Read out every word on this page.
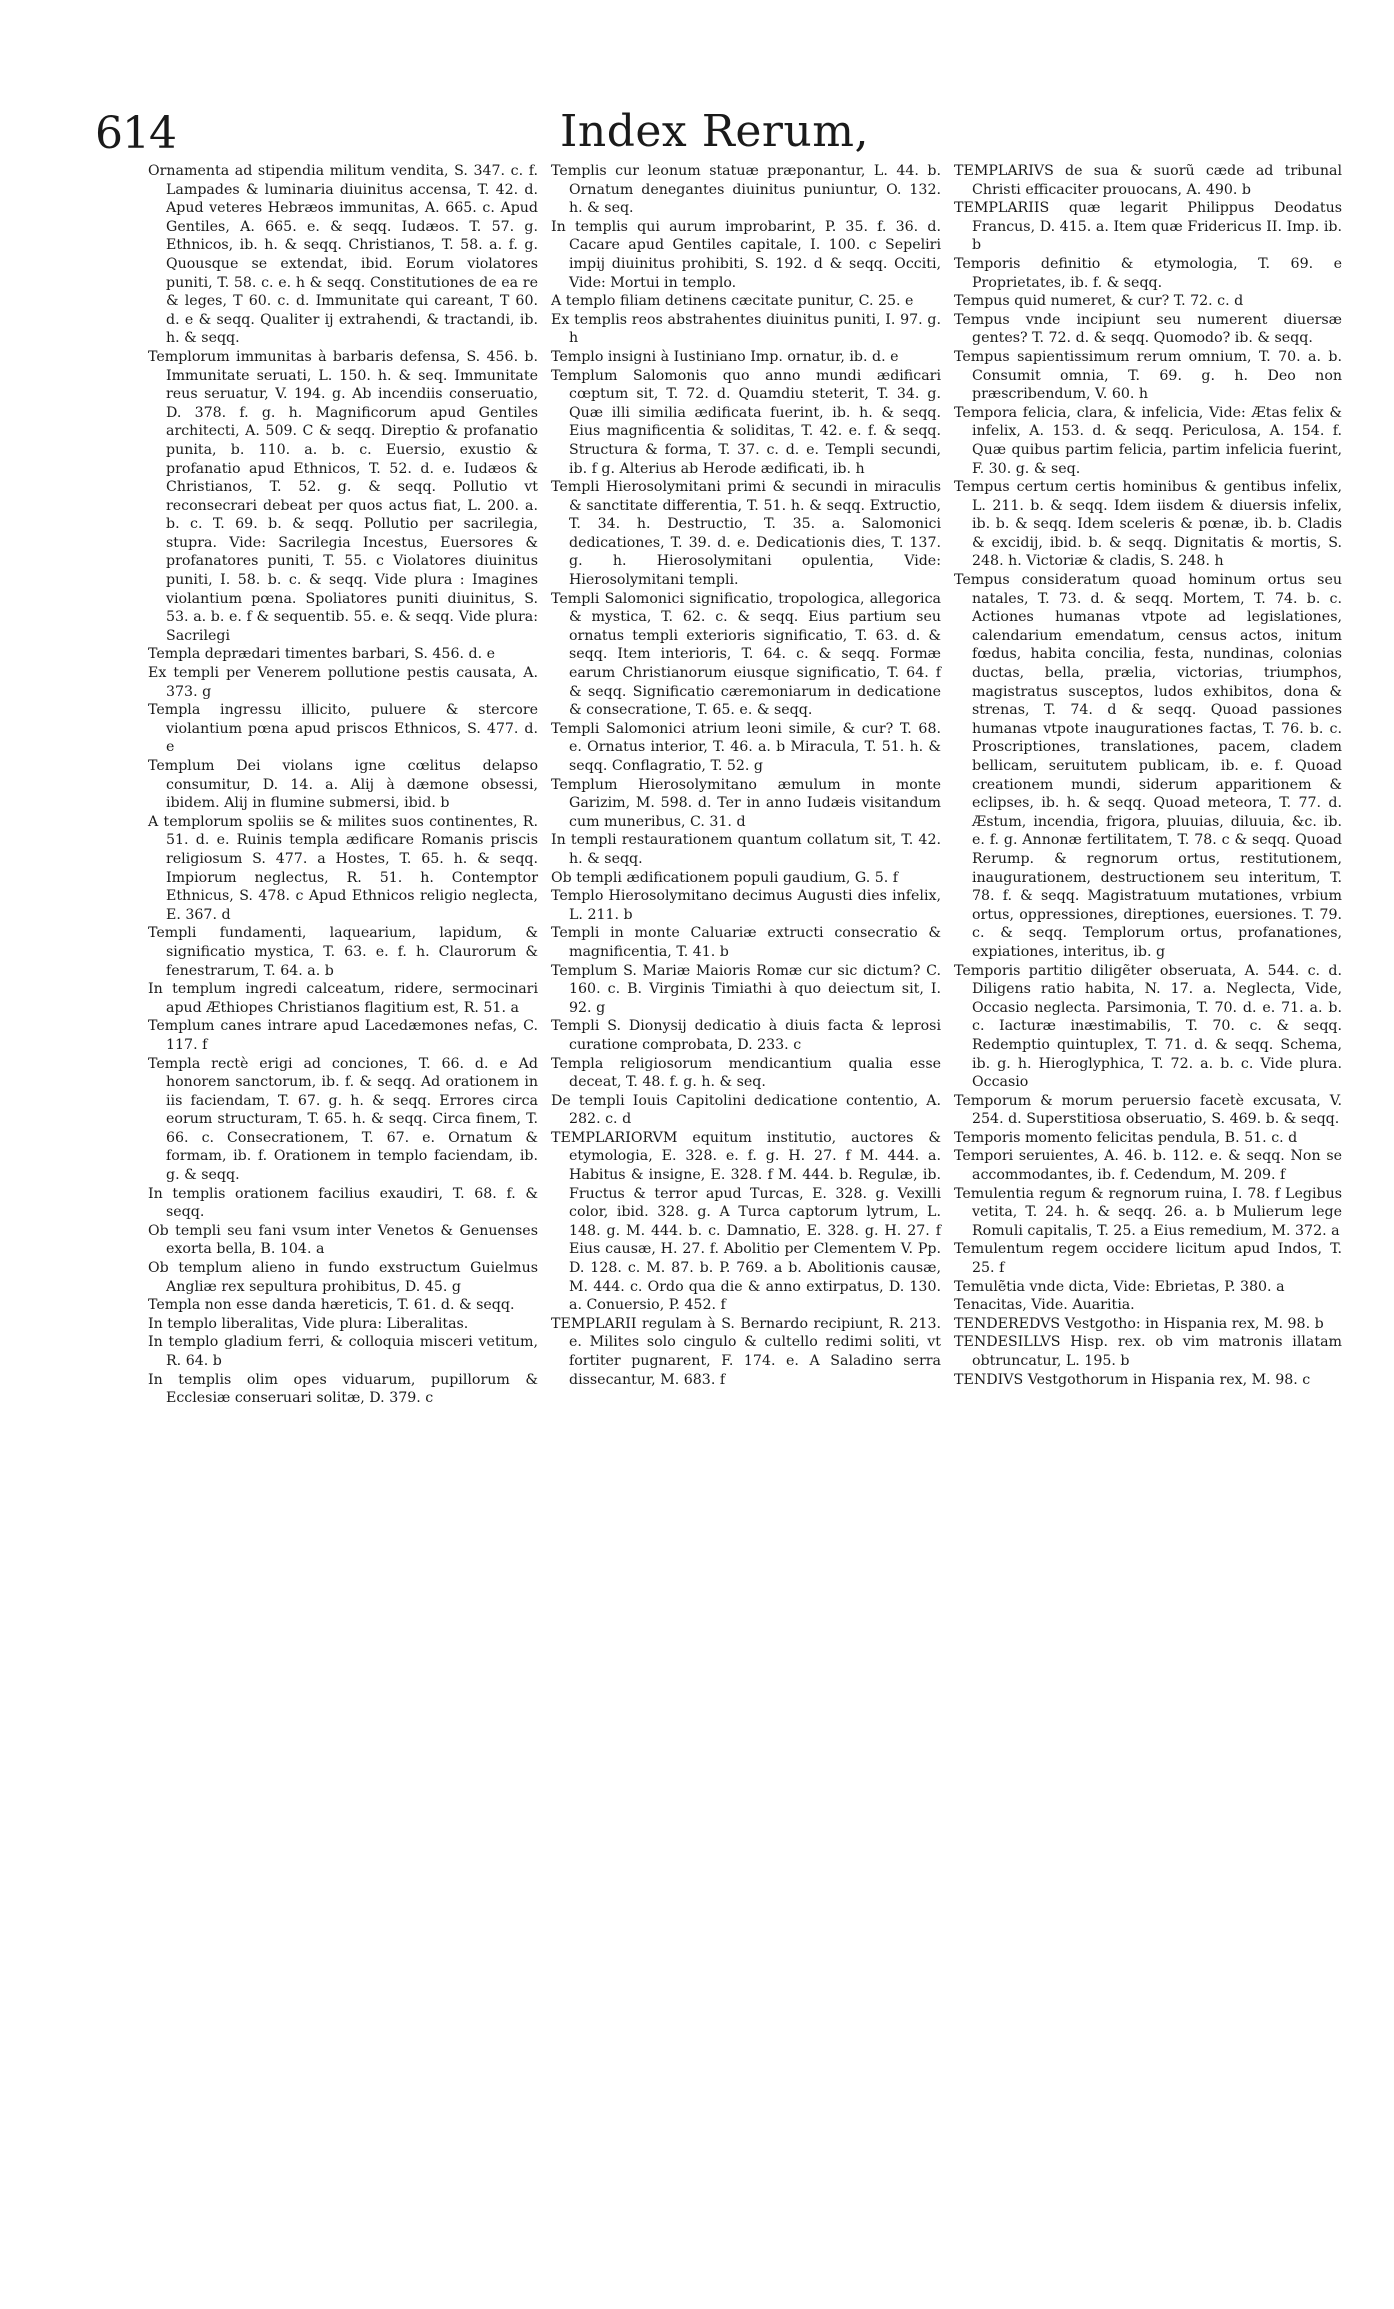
614	Index Rerum,

Ornamenta ad stipendia militum vendita, S. 347. c. f. Lampades & luminaria diuinitus accensa, T. 42. d. Apud veteres Hebræos immunitas, A. 665. c. Apud Gentiles, A. 665. e. & seqq. Iudæos. T. 57. g. Ethnicos, ib. h. & seqq. Christianos, T. 58. a. f. g. Quousque se extendat, ibid. Eorum violatores puniti, T. 58. c. e. h & seqq. Constitutiones de ea re & leges, T 60. c. d. Immunitate qui careant, T 60. d. e & seqq. Qualiter ij extrahendi, & tractandi, ib. h. & seqq.

Templorum immunitas à barbaris defensa, S. 456. b. Immunitate seruati, L. 150. h. & seq. Immunitate reus seruatur, V. 194. g. Ab incendiis conseruatio, D. 378. f. g. h. Magnificorum apud Gentiles architecti, A. 509. C & seqq. Direptio & profanatio punita, b. 110. a. b. c. Euersio, exustio & profanatio apud Ethnicos, T. 52. d. e. Iudæos & Christianos, T. 52. g. & seqq. Pollutio vt reconsecrari debeat per quos actus fiat, L. 200. a. b. c. T. 69. b. & seqq. Pollutio per sacrilegia, stupra. Vide: Sacrilegia Incestus, Euersores & profanatores puniti, T. 55. c Violatores diuinitus puniti, I. 58. b. c. & seqq. Vide plura : Imagines violantium pœna. Spoliatores puniti diuinitus, S. 53. a. b. e. f & sequentib. 55. e. & seqq. Vide plura: Sacrilegi

Templa deprædari timentes barbari, S. 456. d. e

Ex templi per Venerem pollutione pestis causata, A. 373. g

Templa ingressu illicito, puluere & stercore violantium pœna apud priscos Ethnicos, S. 477. d. e

Templum Dei violans igne cœlitus delapso consumitur, D. 14. a. Alij à dæmone obsessi, ibidem. Alij in flumine submersi, ibid. b

A templorum spoliis se & milites suos continentes, R. 51. d. e. Ruinis templa ædificare Romanis priscis religiosum S. 477. a Hostes, T. 65. h. & seqq. Impiorum neglectus, R. 51. h. Contemptor Ethnicus, S. 478. c Apud Ethnicos religio neglecta, E. 367. d

Templi fundamenti, laquearium, lapidum, & significatio mystica, T. 63. e. f. h. Claurorum & fenestrarum, T. 64. a. b

In templum ingredi calceatum, ridere, sermocinari apud Æthiopes Christianos flagitium est, R. 51. a

Templum canes intrare apud Lacedæmones nefas, C. 117. f

Templa rectè erigi ad conciones, T. 66. d. e Ad honorem sanctorum, ib. f. & seqq. Ad orationem in iis faciendam, T. 67. g. h. & seqq. Errores circa eorum structuram, T. 65. h. & seqq. Circa finem, T. 66. c. Consecrationem, T. 67. e. Ornatum & formam, ib. f. Orationem in templo faciendam, ib. g. & seqq.

In templis orationem facilius exaudiri, T. 68. f. & seqq.

Ob templi seu fani vsum inter Venetos & Genuenses exorta bella, B. 104. a

Ob templum alieno in fundo exstructum Guielmus Angliæ rex sepultura prohibitus, D. 45. g

Templa non esse danda hæreticis, T. 61. d. & seqq.

In templo liberalitas, Vide plura: Liberalitas.

In templo gladium ferri, & colloquia misceri vetitum, R. 64. b

In templis olim opes viduarum, pupillorum & Ecclesiæ conseruari solitæ, D. 379. c

Templis cur leonum statuæ præponantur, L. 44. b. Ornatum denegantes diuinitus puniuntur, O. 132. h. & seq.

In templis qui aurum improbarint, P. 35. f. 36. d. Cacare apud Gentiles capitale, I. 100. c Sepeliri impij diuinitus prohibiti, S. 192. d & seqq. Occiti, Vide: Mortui in templo.

A templo filiam detinens cæcitate punitur, C. 25. e

Ex templis reos abstrahentes diuinitus puniti, I. 97. g. h

Templo insigni à Iustiniano Imp. ornatur, ib. d. e

Templum Salomonis quo anno mundi ædificari cœptum sit, T. 72. d. Quamdiu steterit, T. 34. g. Quæ illi similia ædificata fuerint, ib. h. & seqq. Eius magnificentia & soliditas, T. 42. e. f. & seqq. Structura & forma, T. 37. c. d. e. Templi secundi, ib. f g. Alterius ab Herode ædificati, ib. h

Templi Hierosolymitani primi & secundi in miraculis & sanctitate differentia, T. 51. h. & seqq. Extructio, T. 34. h. Destructio, T. 35. a. Salomonici dedicationes, T. 39. d. e. Dedicationis dies, T. 137. g. h. Hierosolymitani opulentia, Vide: Hierosolymitani templi.

Templi Salomonici significatio, tropologica, allegorica & mystica, T. 62. c. & seqq. Eius partium seu ornatus templi exterioris significatio, T. 63. d. & seqq. Item interioris, T. 64. c. & seqq. Formæ earum Christianorum eiusque significatio, T. 64. f & seqq. Significatio cæremoniarum in dedicatione & consecratione, T. 65. e. & seqq.

Templi Salomonici atrium leoni simile, & cur? T. 68. e. Ornatus interior, T. 46. a. b Miracula, T. 51. h. & seqq. Conflagratio, T. 52. g

Templum Hierosolymitano æmulum in monte Garizim, M. 598. d. Ter in anno Iudæis visitandum cum muneribus, C. 31. d

In templi restaurationem quantum collatum sit, T. 42. h. & seqq.

Ob templi ædificationem populi gaudium, G. 5. f

Templo Hierosolymitano decimus Augusti dies infelix, L. 211. b

Templi in monte Caluariæ extructi consecratio & magnificentia, T. 41. b

Templum S. Mariæ Maioris Romæ cur sic dictum? C. 160. c. B. Virginis Timiathi à quo deiectum sit, I. 92. g

Templi S. Dionysij dedicatio à diuis facta & leprosi curatione comprobata, D. 233. c

Templa religiosorum mendicantium qualia esse deceat, T. 48. f. g. h. & seq.

De templi Iouis Capitolini dedicatione contentio, A. 282. c. d

TEMPLARIORVM equitum institutio, auctores & etymologia, E. 328. e. f. g. H. 27. f M. 444. a. Habitus & insigne, E. 328. f M. 444. b. Regulæ, ib. Fructus & terror apud Turcas, E. 328. g. Vexilli color, ibid. 328. g. A Turca captorum lytrum, L. 148. g. M. 444. b. c. Damnatio, E. 328. g. H. 27. f Eius causæ, H. 27. f. Abolitio per Clementem V. Pp. D. 128. c. M. 87. b. P. 769. a b. Abolitionis causæ, M. 444. c. Ordo qua die & anno extirpatus, D. 130. a. Conuersio, P. 452. f

TEMPLARII regulam à S. Bernardo recipiunt, R. 213. e. Milites solo cingulo & cultello redimi soliti, vt fortiter pugnarent, F. 174. e. A Saladino serra dissecantur, M. 683. f

TEMPLARIVS de sua & suorũ cæde ad tribunal Christi efficaciter prouocans, A. 490. b

TEMPLARIIS quæ legarit Philippus Deodatus Francus, D. 415. a. Item quæ Fridericus II. Imp. ib. b

Temporis definitio & etymologia, T. 69. e Proprietates, ib. f. & seqq.

Tempus quid numeret, & cur? T. 72. c. d

Tempus vnde incipiunt seu numerent diuersæ gentes? T. 72. d. & seqq. Quomodo? ib. & seqq.

Tempus sapientissimum rerum omnium, T. 70. a. b. Consumit omnia, T. 69. g. h. Deo non præscribendum, V. 60. h

Tempora felicia, clara, & infelicia, Vide: Ætas felix & infelix, A. 153. d. & seqq. Periculosa, A. 154. f. Quæ quibus partim felicia, partim infelicia fuerint, F. 30. g. & seq.

Tempus certum certis hominibus & gentibus infelix, L. 211. b. & seqq. Idem iisdem & diuersis infelix, ib. b. & seqq. Idem sceleris & pœnæ, ib. b. Cladis & excidij, ibid. b. & seqq. Dignitatis & mortis, S. 248. h. Victoriæ & cladis, S. 248. h

Tempus consideratum quoad hominum ortus seu natales, T. 73. d. & seqq. Mortem, T. 74. b. c. Actiones humanas vtpote ad legislationes, calendarium emendatum, census actos, initum fœdus, habita concilia, festa, nundinas, colonias ductas, bella, prælia, victorias, triumphos, magistratus susceptos, ludos exhibitos, dona & strenas, T. 74. d & seqq. Quoad passiones humanas vtpote inaugurationes factas, T. 76. b. c. Proscriptiones, translationes, pacem, cladem bellicam, seruitutem publicam, ib. e. f. Quoad creationem mundi, siderum apparitionem & eclipses, ib. h. & seqq. Quoad meteora, T. 77. d. Æstum, incendia, frigora, pluuias, diluuia, &c. ib. e. f. g. Annonæ fertilitatem, T. 78. c & seqq. Quoad Rerump. & regnorum ortus, restitutionem, inaugurationem, destructionem seu interitum, T. 78. f. & seqq. Magistratuum mutationes, vrbium ortus, oppressiones, direptiones, euersiones. T. 79. c. & seqq. Templorum ortus, profanationes, expiationes, interitus, ib. g

Temporis partitio diligẽter obseruata, A. 544. c. d. Diligens ratio habita, N. 17. a. Neglecta, Vide, Occasio neglecta. Parsimonia, T. 70. d. e. 71. a. b. c. Iacturæ inæstimabilis, T. 70. c. & seqq. Redemptio quintuplex, T. 71. d. & seqq. Schema, ib. g. h. Hieroglyphica, T. 72. a. b. c. Vide plura. Occasio

Temporum & morum peruersio facetè excusata, V. 254. d. Superstitiosa obseruatio, S. 469. b. & seqq.

Temporis momento felicitas pendula, B. 51. c. d

Tempori seruientes, A. 46. b. 112. e. & seqq. Non se accommodantes, ib. f. Cedendum, M. 209. f

Temulentia regum & regnorum ruina, I. 78. f Legibus vetita, T. 24. h. & seqq. 26. a. b Mulierum lege Romuli capitalis, T. 25. a Eius remedium, M. 372. a

Temulentum regem occidere licitum apud Indos, T. 25. f

Temulẽtia vnde dicta, Vide: Ebrietas, P. 380. a

Tenacitas, Vide. Auaritia.

TENDEREDVS Vestgotho: in Hispania rex, M. 98. b

TENDESILLVS Hisp. rex. ob vim matronis illatam obtruncatur, L. 195. b

TENDIVS Vestgothorum in Hispania rex, M. 98. c
